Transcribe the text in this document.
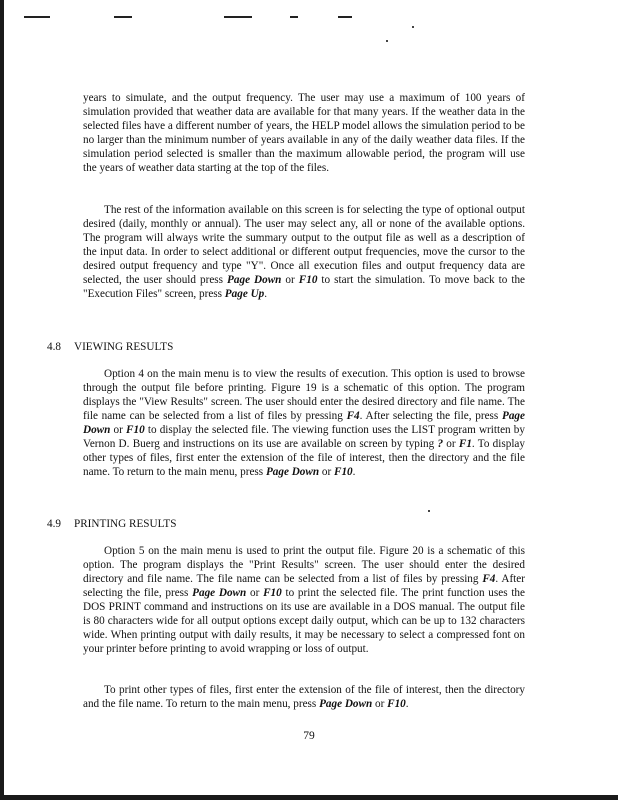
years to simulate, and the output frequency. The user may use a maximum of 100 years of simulation provided that weather data are available for that many years. If the weather data in the selected files have a different number of years, the HELP model allows the simulation period to be no larger than the minimum number of years available in any of the daily weather data files. If the simulation period selected is smaller than the maximum allowable period, the program will use the years of weather data starting at the top of the files.

The rest of the information available on this screen is for selecting the type of optional output desired (daily, monthly or annual). The user may select any, all or none of the available options. The program will always write the summary output to the output file as well as a description of the input data. In order to select additional or different output frequencies, move the cursor to the desired output frequency and type "Y". Once all execution files and output frequency data are selected, the user should press Page Down or F10 to start the simulation. To move back to the "Execution Files" screen, press Page Up.

4.8 VIEWING RESULTS

Option 4 on the main menu is to view the results of execution. This option is used to browse through the output file before printing. Figure 19 is a schematic of this option. The program displays the "View Results" screen. The user should enter the desired directory and file name. The file name can be selected from a list of files by pressing F4. After selecting the file, press Page Down or F10 to display the selected file. The viewing function uses the LIST program written by Vernon D. Buerg and instructions on its use are available on screen by typing ? or F1. To display other types of files, first enter the extension of the file of interest, then the directory and the file name. To return to the main menu, press Page Down or F10.

4.9 PRINTING RESULTS

Option 5 on the main menu is used to print the output file. Figure 20 is a schematic of this option. The program displays the "Print Results" screen. The user should enter the desired directory and file name. The file name can be selected from a list of files by pressing F4. After selecting the file, press Page Down or F10 to print the selected file. The print function uses the DOS PRINT command and instructions on its use are available in a DOS manual. The output file is 80 characters wide for all output options except daily output, which can be up to 132 characters wide. When printing output with daily results, it may be necessary to select a compressed font on your printer before printing to avoid wrapping or loss of output.

To print other types of files, first enter the extension of the file of interest, then the directory and the file name. To return to the main menu, press Page Down or F10.

79
